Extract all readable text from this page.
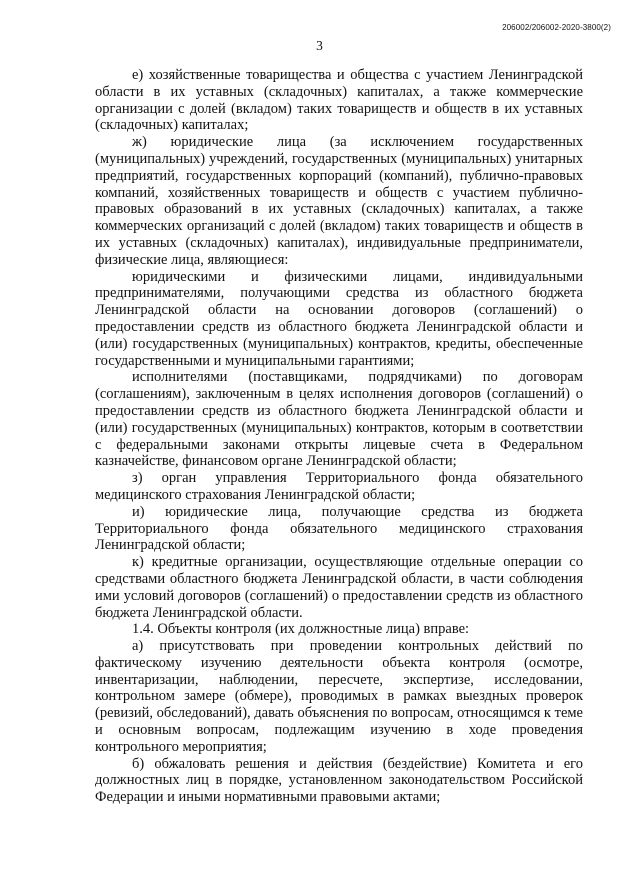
206002/206002-2020-3800(2)
3

е) хозяйственные товарищества и общества с участием Ленинградской области в их уставных (складочных) капиталах, а также коммерческие организации с долей (вкладом) таких товариществ и обществ в их уставных (складочных) капиталах;

ж) юридические лица (за исключением государственных (муниципальных) учреждений, государственных (муниципальных) унитарных предприятий, государственных корпораций (компаний), публично-правовых компаний, хозяйственных товариществ и обществ с участием публично-правовых образований в их уставных (складочных) капиталах, а также коммерческих организаций с долей (вкладом) таких товариществ и обществ в их уставных (складочных) капиталах), индивидуальные предприниматели, физические лица, являющиеся:

юридическими и физическими лицами, индивидуальными предпринимателями, получающими средства из областного бюджета Ленинградской области на основании договоров (соглашений) о предоставлении средств из областного бюджета Ленинградской области и (или) государственных (муниципальных) контрактов, кредиты, обеспеченные государственными и муниципальными гарантиями;

исполнителями (поставщиками, подрядчиками) по договорам (соглашениям), заключенным в целях исполнения договоров (соглашений) о предоставлении средств из областного бюджета Ленинградской области и (или) государственных (муниципальных) контрактов, которым в соответствии с федеральными законами открыты лицевые счета в Федеральном казначействе, финансовом органе Ленинградской области;

з) орган управления Территориального фонда обязательного медицинского страхования Ленинградской области;

и) юридические лица, получающие средства из бюджета Территориального фонда обязательного медицинского страхования Ленинградской области;

к) кредитные организации, осуществляющие отдельные операции со средствами областного бюджета Ленинградской области, в части соблюдения ими условий договоров (соглашений) о предоставлении средств из областного бюджета Ленинградской области.

1.4. Объекты контроля (их должностные лица) вправе:

а) присутствовать при проведении контрольных действий по фактическому изучению деятельности объекта контроля (осмотре, инвентаризации, наблюдении, пересчете, экспертизе, исследовании, контрольном замере (обмере), проводимых в рамках выездных проверок (ревизий, обследований), давать объяснения по вопросам, относящимся к теме и основным вопросам, подлежащим изучению в ходе проведения контрольного мероприятия;

б) обжаловать решения и действия (бездействие) Комитета и его должностных лиц в порядке, установленном законодательством Российской Федерации и иными нормативными правовыми актами;
